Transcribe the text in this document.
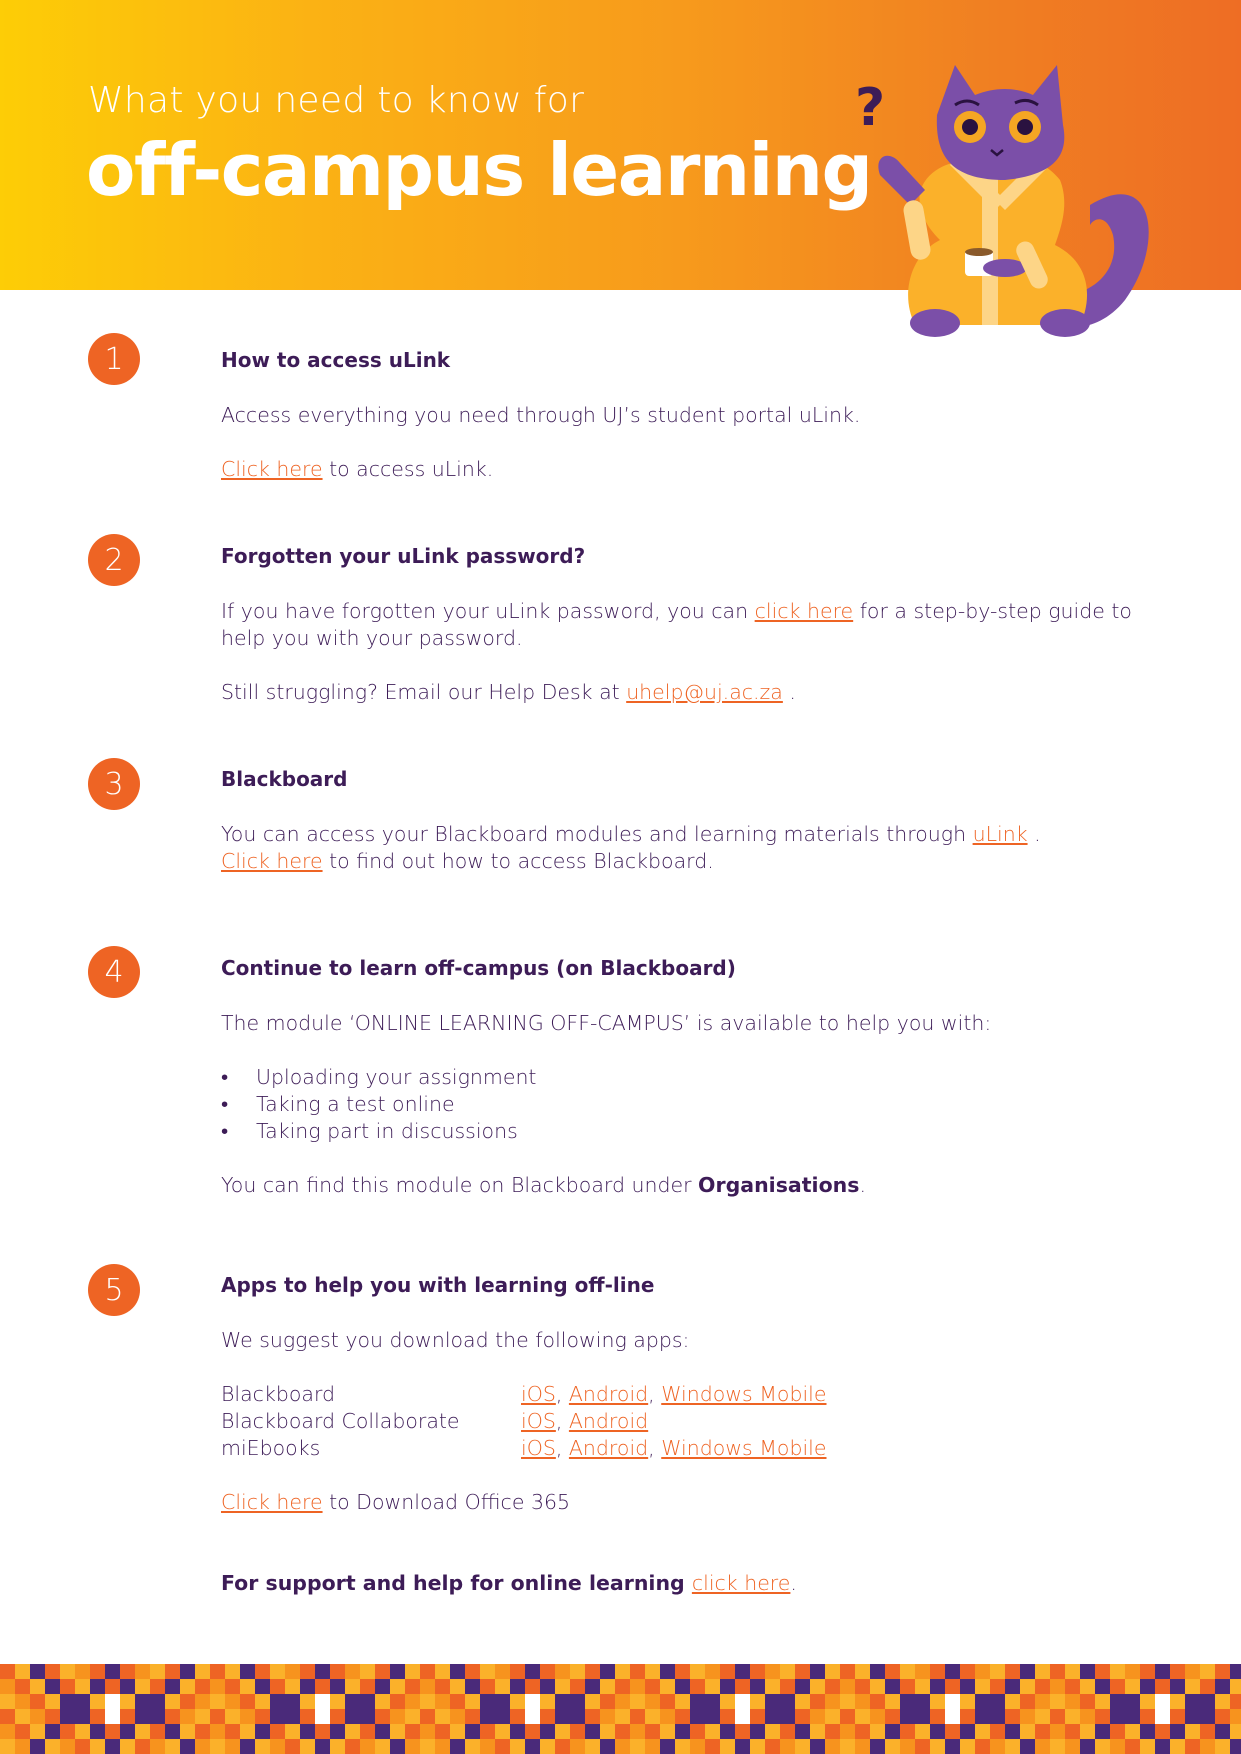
What you need to know for
off-campus learning
?
1	How to access uLink

Access everything you need through UJ’s student portal uLink.

Click here to access uLink.

2	Forgotten your uLink password?

If you have forgotten your uLink password, you can click here for a step-by-step guide to help you with your password.

Still struggling? Email our Help Desk at uhelp@uj.ac.za .

3	Blackboard

You can access your Blackboard modules and learning materials through uLink .

Click here to find out how to access Blackboard.

4	Continue to learn off-campus (on Blackboard)

The module ‘ONLINE LEARNING OFF-CAMPUS’ is available to help you with:

• Uploading your assignment
• Taking a test online
• Taking part in discussions

You can find this module on Blackboard under Organisations.

5	Apps to help you with learning off-line

We suggest you download the following apps:

Blackboard	iOS, Android, Windows Mobile
Blackboard Collaborate	iOS, Android
miEbooks	iOS, Android, Windows Mobile

Click here to Download Office 365

For support and help for online learning click here.
